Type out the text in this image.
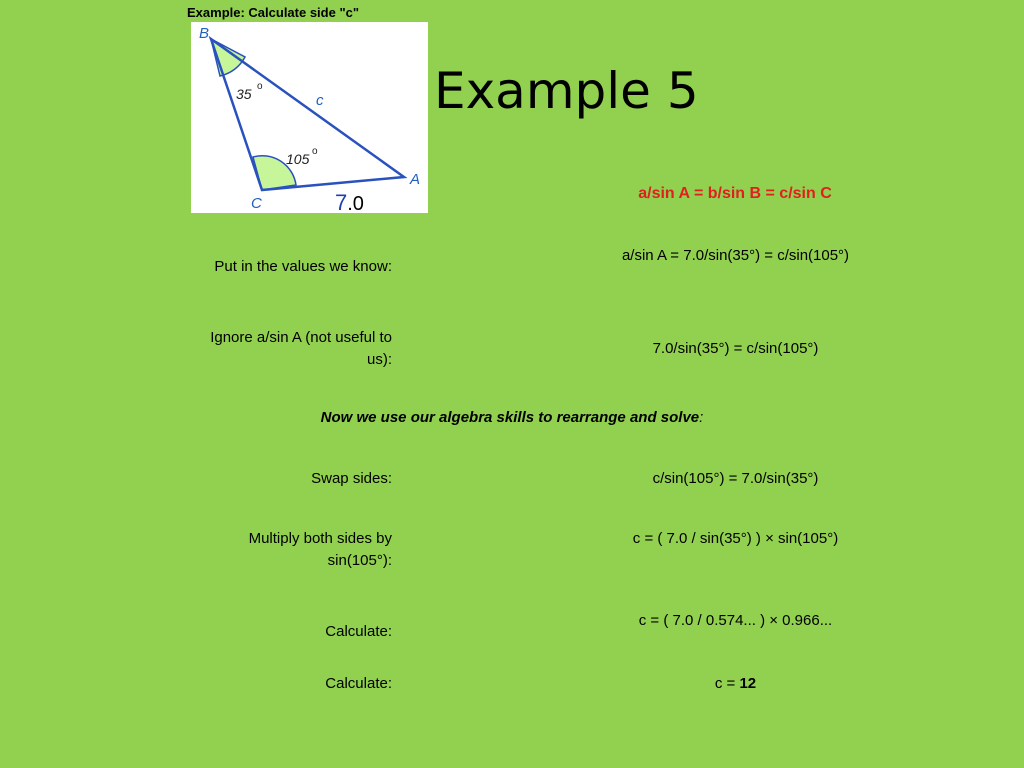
Example: Calculate side "c"
B
A
C
35 o
105 o
c
7.0
Example 5
a/sin A = b/sin B = c/sin C
Put in the values we know:
a/sin A = 7.0/sin(35°) = c/sin(105°)
Ignore a/sin A (not useful to us):
7.0/sin(35°) = c/sin(105°)
Now we use our algebra skills to rearrange and solve:
Swap sides:	c/sin(105°) = 7.0/sin(35°)
Multiply both sides by sin(105°):
c = ( 7.0 / sin(35°) ) × sin(105°)
Calculate:
c = ( 7.0 / 0.574... ) × 0.966...
Calculate:	c = 12
